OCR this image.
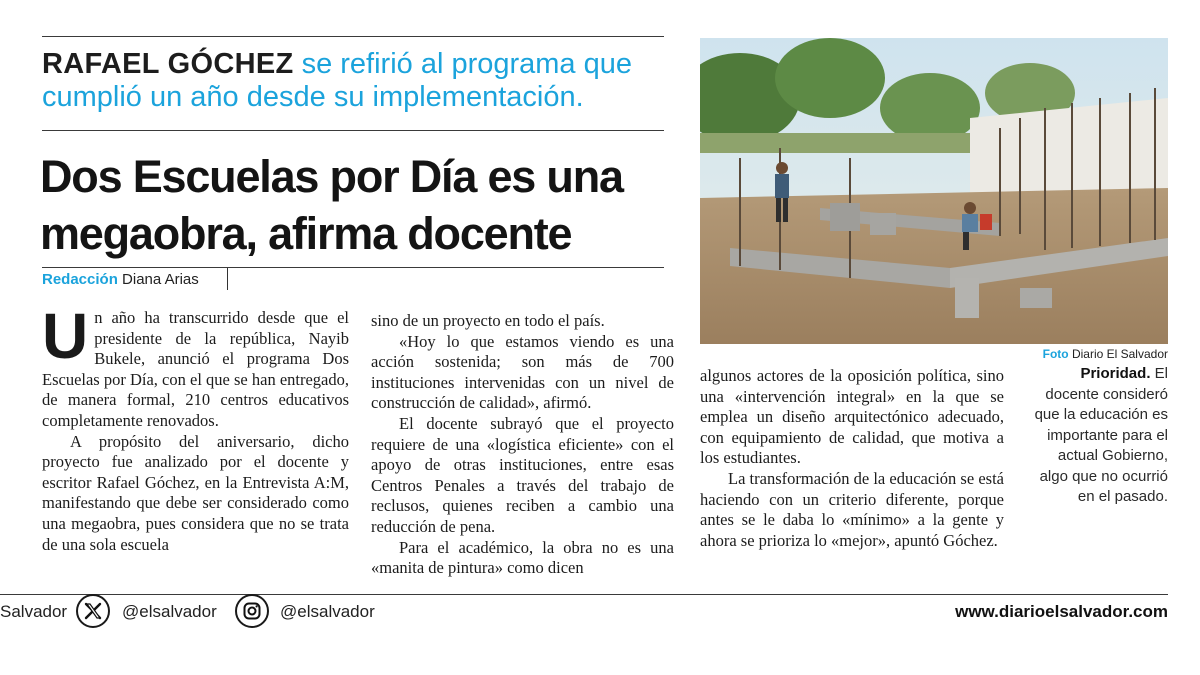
RAFAEL GÓCHEZ se refirió al programa que cumplió un año desde su implementación.
Dos Escuelas por Día es una megaobra, afirma docente
Redacción Diana Arias

Un año ha transcurrido desde que el presidente de la república, Nayib Bukele, anunció el programa Dos Escuelas por Día, con el que se han entregado, de manera formal, 210 centros educativos completamente renovados.

A propósito del aniversario, dicho proyecto fue analizado por el docente y escritor Rafael Góchez, en la Entrevista A:M, manifestando que debe ser considerado como una megaobra, pues considera que no se trata de una sola escuela

sino de un proyecto en todo el país.

«Hoy lo que estamos viendo es una acción sostenida; son más de 700 instituciones intervenidas con un nivel de construcción de calidad», afirmó.

El docente subrayó que el proyecto requiere de una «logística eficiente» con el apoyo de otras instituciones, entre esas Centros Penales a través del trabajo de reclusos, quienes reciben a cambio una reducción de pena.

Para el académico, la obra no es una «manita de pintura» como dicen

algunos actores de la oposición política, sino una «intervención integral» en la que se emplea un diseño arquitectónico adecuado, con equipamiento de calidad, que motiva a los estudiantes.

La transformación de la educación se está haciendo con un criterio diferente, porque antes se le daba lo «mínimo» a la gente y ahora se prioriza lo «mejor», apuntó Góchez.

Foto Diario El Salvador
Prioridad. El docente consideró que la educación es importante para el actual Gobierno, algo que no ocurrió en el pasado.
Salvador	@elsalvador	@elsalvador	www.diarioelsalvador.com
